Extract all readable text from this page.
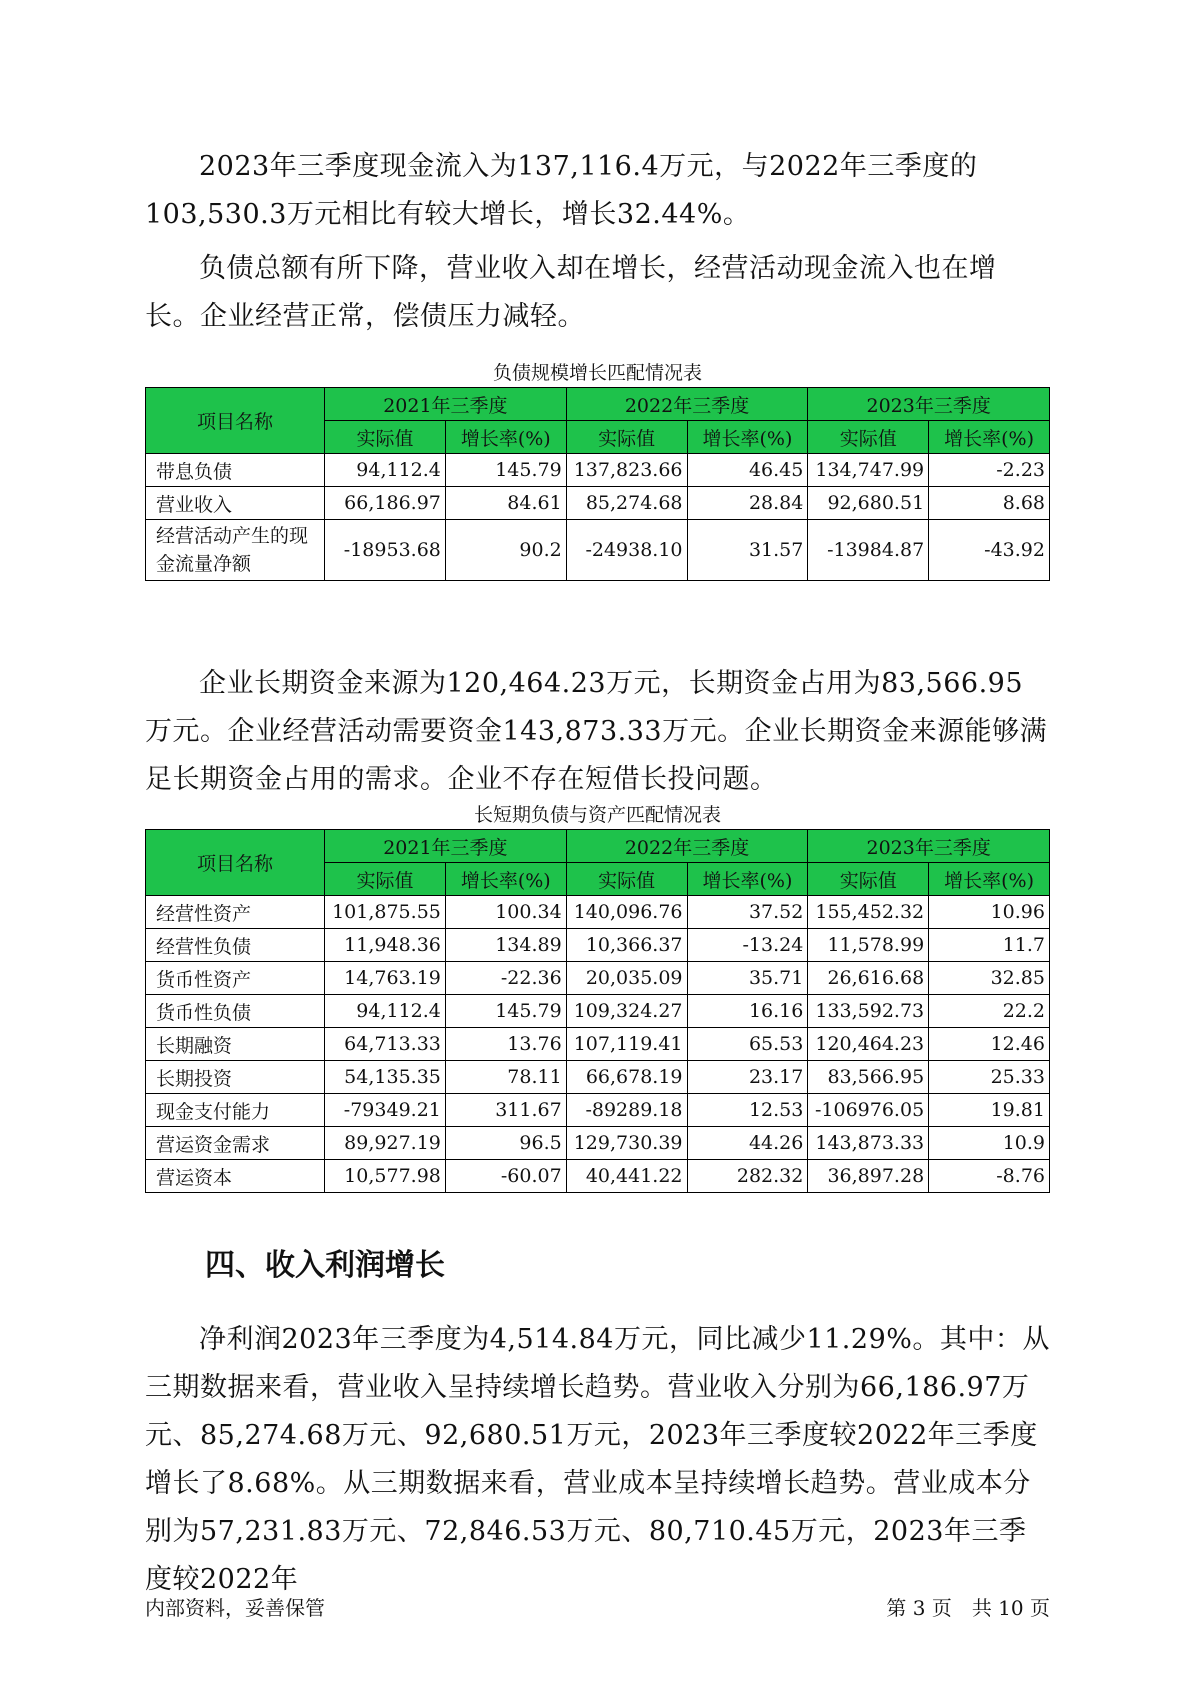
2023年三季度现金流入为137,116.4万元，与2022年三季度的103,530.3万元相比有较大增长，增长32.44%。

负债总额有所下降，营业收入却在增长，经营活动现金流入也在增长。企业经营正常，偿债压力减轻。

负债规模增长匹配情况表

项目名称	2021年三季度		2022年三季度		2023年三季度	
	实际值	增长率(%)	实际值	增长率(%)	实际值	增长率(%)
带息负债	94,112.4	145.79	137,823.66	46.45	134,747.99	-2.23
营业收入	66,186.97	84.61	85,274.68	28.84	92,680.51	8.68
经营活动产生的现金流量净额	-18953.68	90.2	-24938.10	31.57	-13984.87	-43.92

企业长期资金来源为120,464.23万元，长期资金占用为83,566.95万元。企业经营活动需要资金143,873.33万元。企业长期资金来源能够满足长期资金占用的需求。企业不存在短借长投问题。

长短期负债与资产匹配情况表

项目名称	2021年三季度		2022年三季度		2023年三季度	
	实际值	增长率(%)	实际值	增长率(%)	实际值	增长率(%)
经营性资产	101,875.55	100.34	140,096.76	37.52	155,452.32	10.96
经营性负债	11,948.36	134.89	10,366.37	-13.24	11,578.99	11.7
货币性资产	14,763.19	-22.36	20,035.09	35.71	26,616.68	32.85
货币性负债	94,112.4	145.79	109,324.27	16.16	133,592.73	22.2
长期融资	64,713.33	13.76	107,119.41	65.53	120,464.23	12.46
长期投资	54,135.35	78.11	66,678.19	23.17	83,566.95	25.33
现金支付能力	-79349.21	311.67	-89289.18	12.53	-106976.05	19.81
营运资金需求	89,927.19	96.5	129,730.39	44.26	143,873.33	10.9
营运资本	10,577.98	-60.07	40,441.22	282.32	36,897.28	-8.76
四、收入利润增长

净利润2023年三季度为4,514.84万元，同比减少11.29%。其中：从三期数据来看，营业收入呈持续增长趋势。营业收入分别为66,186.97万元、85,274.68万元、92,680.51万元，2023年三季度较2022年三季度增长了8.68%。从三期数据来看，营业成本呈持续增长趋势。营业成本分别为57,231.83万元、72,846.53万元、80,710.45万元，2023年三季度较2022年

内部资料，妥善保管	第 3 页　共 10 页
